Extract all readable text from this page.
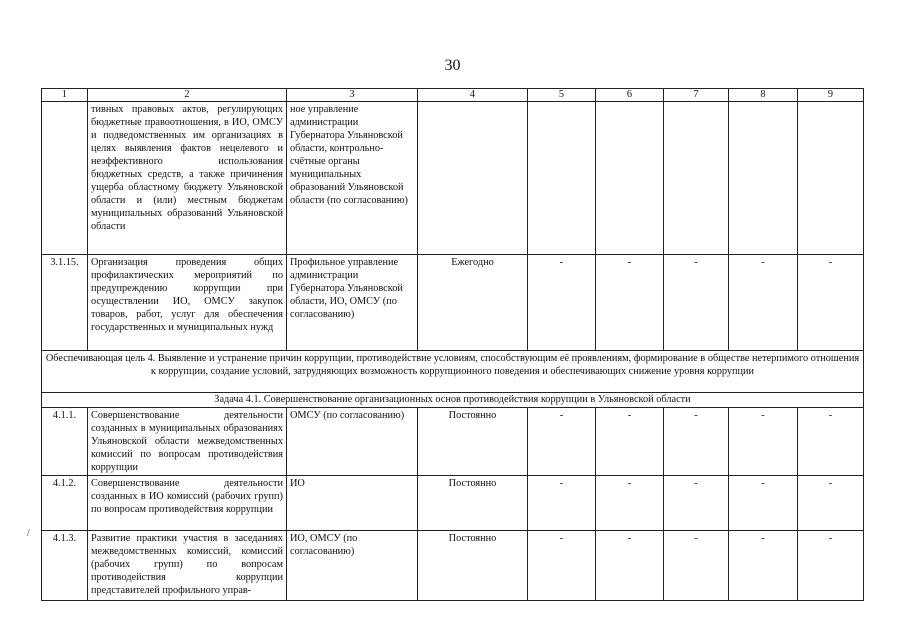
30
1	2	3	4	5	6	7	8	9
	тивных правовых актов, регулирующих бюджетные правоотношения, в ИО, ОМСУ и подведомственных им организациях в целях выявления фактов нецелевого и неэффективного использования бюджетных средств, а также причинения ущерба областному бюджету Ульяновской области и (или) местным бюджетам муниципальных образований Ульяновской области	ное управление администрации Губернатора Ульяновской области, контрольно-счётные органы муниципальных образований Ульяновской области (по согласованию)						
3.1.15.	Организация проведения общих профилактических мероприятий по предупреждению коррупции при осуществлении ИО, ОМСУ закупок товаров, работ, услуг для обеспечения государственных и муниципальных нужд	Профильное управление администрации Губернатора Ульяновской области, ИО, ОМСУ (по согласованию)	Ежегодно	-	-	-	-	-
Обеспечивающая цель 4. Выявление и устранение причин коррупции, противодействие условиям, способствующим её проявлениям, формирование в обществе нетерпимого отношения к коррупции, создание условий, затрудняющих возможность коррупционного поведения и обеспечивающих снижение уровня коррупции								
Задача 4.1. Совершенствование организационных основ противодействия коррупции в Ульяновской области								
4.1.1.	Совершенствование деятельности созданных в муниципальных образованиях Ульяновской области межведомственных комиссий по вопросам противодействия коррупции	ОМСУ (по согласованию)	Постоянно	-	-	-	-	-
4.1.2.	Совершенствование деятельности созданных в ИО комиссий (рабочих групп) по вопросам противодействия коррупции	ИО	Постоянно	-	-	-	-	-
4.1.3.	Развитие практики участия в заседаниях межведомственных комиссий, комиссий (рабочих групп) по вопросам противодействия коррупции представителей профильного управ-	ИО, ОМСУ (по согласованию)	Постоянно	-	-	-	-	-
/
